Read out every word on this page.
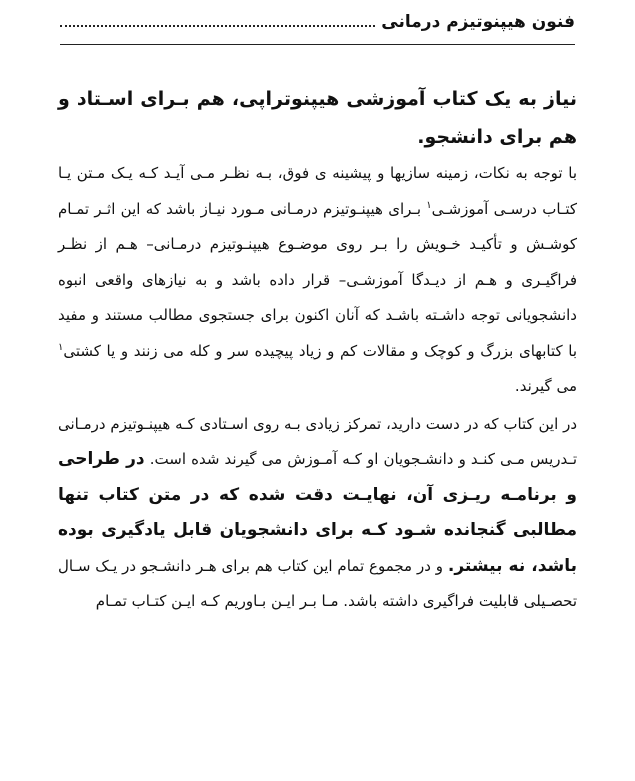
فنون هیپنوتیزم درمانی

نیاز به یک کتاب آموزشی هیپنوتراپی، هم بـرای اسـتاد و هم برای دانشجو.

با توجه به نکات، زمینه سازیها و پیشینه ی فوق، بـه نظـر مـی آیـد کـه یـک مـتن یـا کتـاب درسـی آموزشـی$^۱$ بـرای هیپنـوتیزم درمـانی مـورد نیـاز باشد که این اثـر تمـام کوشـش و تأکیـد خـویش را بـر روی موضـوع هیپنـوتیزم درمـانی– هـم از نظـر فراگیـری و هـم از دیـدگا آموزشـی– قرار داده باشد و به نیازهای واقعی انبوه دانشجویانی توجه داشـته باشـد که آنان اکنون برای جستجوی مطالب مستند و مفید با کتابهای بزرگ و کوچک و مقالات کم و زیاد پیچیده سر و کله می زنند و یا کشتی$^۱$ می گیرند.

در این کتاب که در دست دارید، تمرکز زیادی بـه روی اسـتادی کـه هیپنـوتیزم درمـانی تـدریس مـی کنـد و دانشـجویان او کـه آمـوزش می گیرند شده است. در طراحی و برنامـه ریـزی آن، نهایـت دقت شده که در متن کتاب تنها مطالبی گنجانده شـود کـه برای دانشجویان قابل یادگیری بوده باشد، نه بیشتر. و در مجموع تمام این کتاب هم برای هـر دانشـجو در یـک سـال تحصـیلی قابلیت فراگیری داشته باشد. مـا بـر ایـن بـاوریم کـه ایـن کتـاب تمـام
